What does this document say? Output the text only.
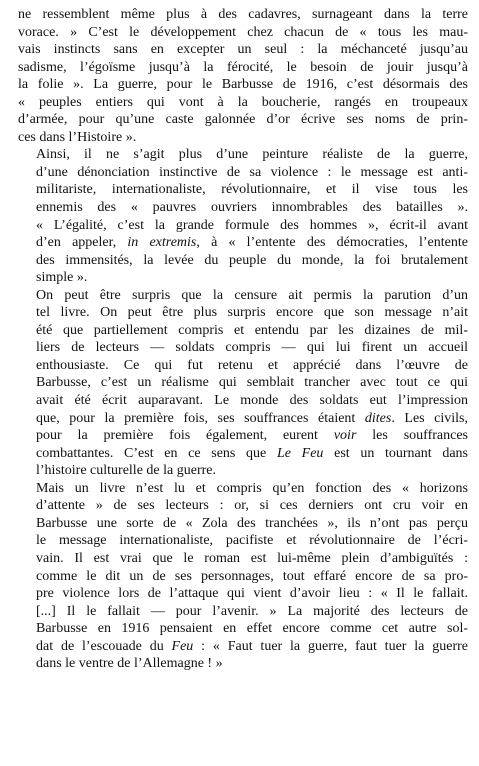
ne ressemblent même plus à des cadavres, surnageant dans la terre
vorace. » C’est le développement chez chacun de « tous les mau-
vais instincts sans en excepter un seul : la méchanceté jusqu’au
sadisme, l’égoïsme jusqu’à la férocité, le besoin de jouir jusqu’à
la folie ». La guerre, pour le Barbusse de 1916, c’est désormais des
« peuples entiers qui vont à la boucherie, rangés en troupeaux
d’armée, pour qu’une caste galonnée d’or écrive ses noms de prin-
ces dans l’Histoire ».

Ainsi, il ne s’agit plus d’une peinture réaliste de la guerre,
d’une dénonciation instinctive de sa violence : le message est anti-
militariste, internationaliste, révolutionnaire, et il vise tous les
ennemis des « pauvres ouvriers innombrables des batailles ».
« L’égalité, c’est la grande formule des hommes », écrit-il avant
d’en appeler, in extremis, à « l’entente des démocraties, l’entente
des immensités, la levée du peuple du monde, la foi brutalement
simple ».

On peut être surpris que la censure ait permis la parution d’un
tel livre. On peut être plus surpris encore que son message n’ait
été que partiellement compris et entendu par les dizaines de mil-
liers de lecteurs — soldats compris — qui lui firent un accueil
enthousiaste. Ce qui fut retenu et apprécié dans l’œuvre de
Barbusse, c’est un réalisme qui semblait trancher avec tout ce qui
avait été écrit auparavant. Le monde des soldats eut l’impression
que, pour la première fois, ses souffrances étaient dites. Les civils,
pour la première fois également, eurent voir les souffrances
combattantes. C’est en ce sens que Le Feu est un tournant dans
l’histoire culturelle de la guerre.

Mais un livre n’est lu et compris qu’en fonction des « horizons
d’attente » de ses lecteurs : or, si ces derniers ont cru voir en
Barbusse une sorte de « Zola des tranchées », ils n’ont pas perçu
le message internationaliste, pacifiste et révolutionnaire de l’écri-
vain. Il est vrai que le roman est lui-même plein d’ambiguïtés :
comme le dit un de ses personnages, tout effaré encore de sa pro-
pre violence lors de l’attaque qui vient d’avoir lieu : « Il le fallait.
[...] Il le fallait — pour l’avenir. » La majorité des lecteurs de
Barbusse en 1916 pensaient en effet encore comme cet autre sol-
dat de l’escouade du Feu : « Faut tuer la guerre, faut tuer la guerre
dans le ventre de l’Allemagne ! »
